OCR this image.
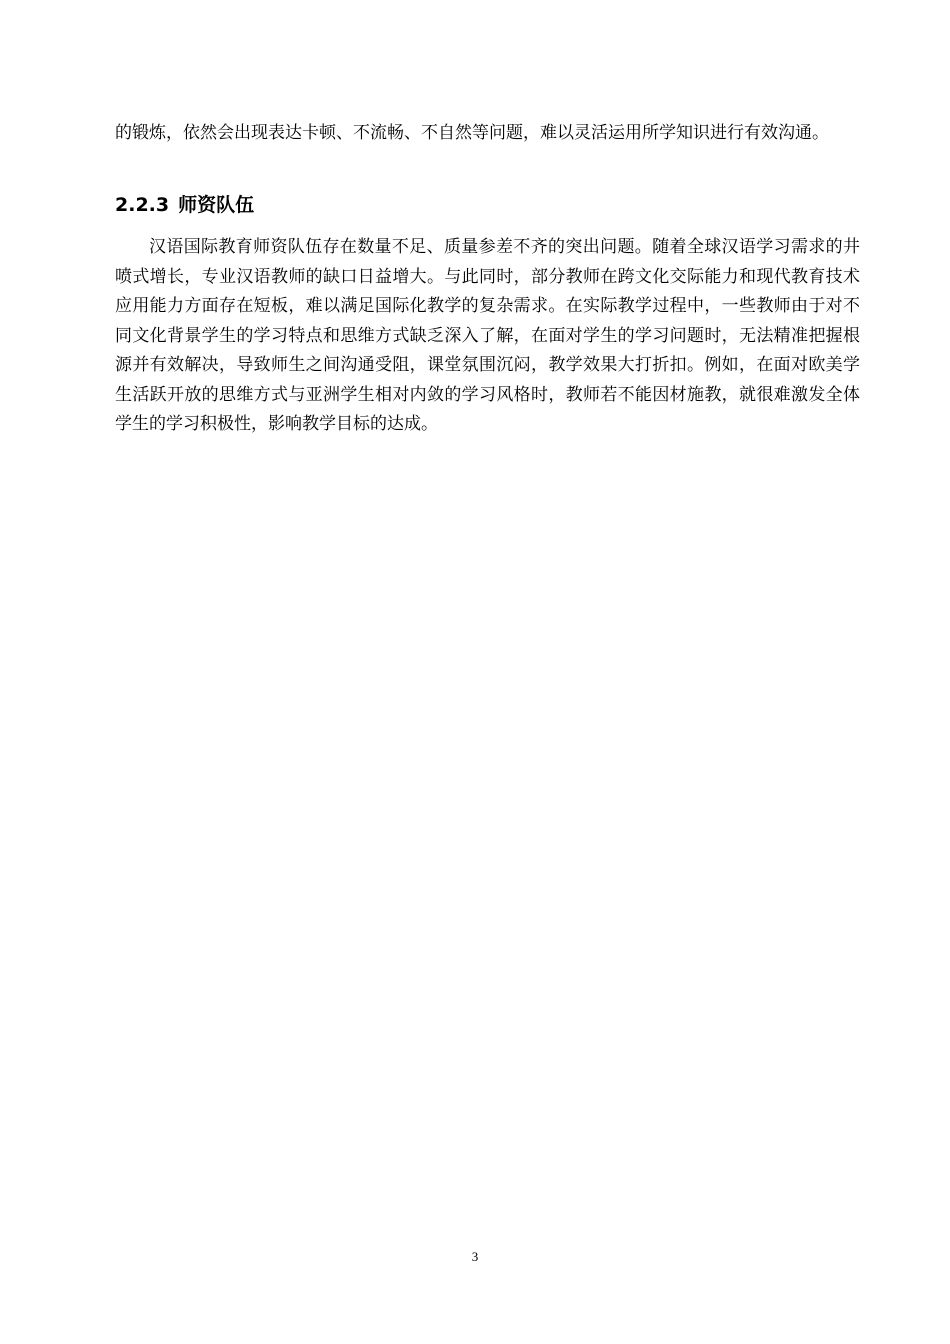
的锻炼，依然会出现表达卡顿、不流畅、不自然等问题，难以灵活运用所学知识进行有效沟通。

2.2.3 师资队伍

汉语国际教育师资队伍存在数量不足、质量参差不齐的突出问题。随着全球汉语学习需求的井喷式增长，专业汉语教师的缺口日益增大。与此同时，部分教师在跨文化交际能力和现代教育技术应用能力方面存在短板，难以满足国际化教学的复杂需求。在实际教学过程中，一些教师由于对不同文化背景学生的学习特点和思维方式缺乏深入了解，在面对学生的学习问题时，无法精准把握根源并有效解决，导致师生之间沟通受阻，课堂氛围沉闷，教学效果大打折扣。例如，在面对欧美学生活跃开放的思维方式与亚洲学生相对内敛的学习风格时，教师若不能因材施教，就很难激发全体学生的学习积极性，影响教学目标的达成。

3
